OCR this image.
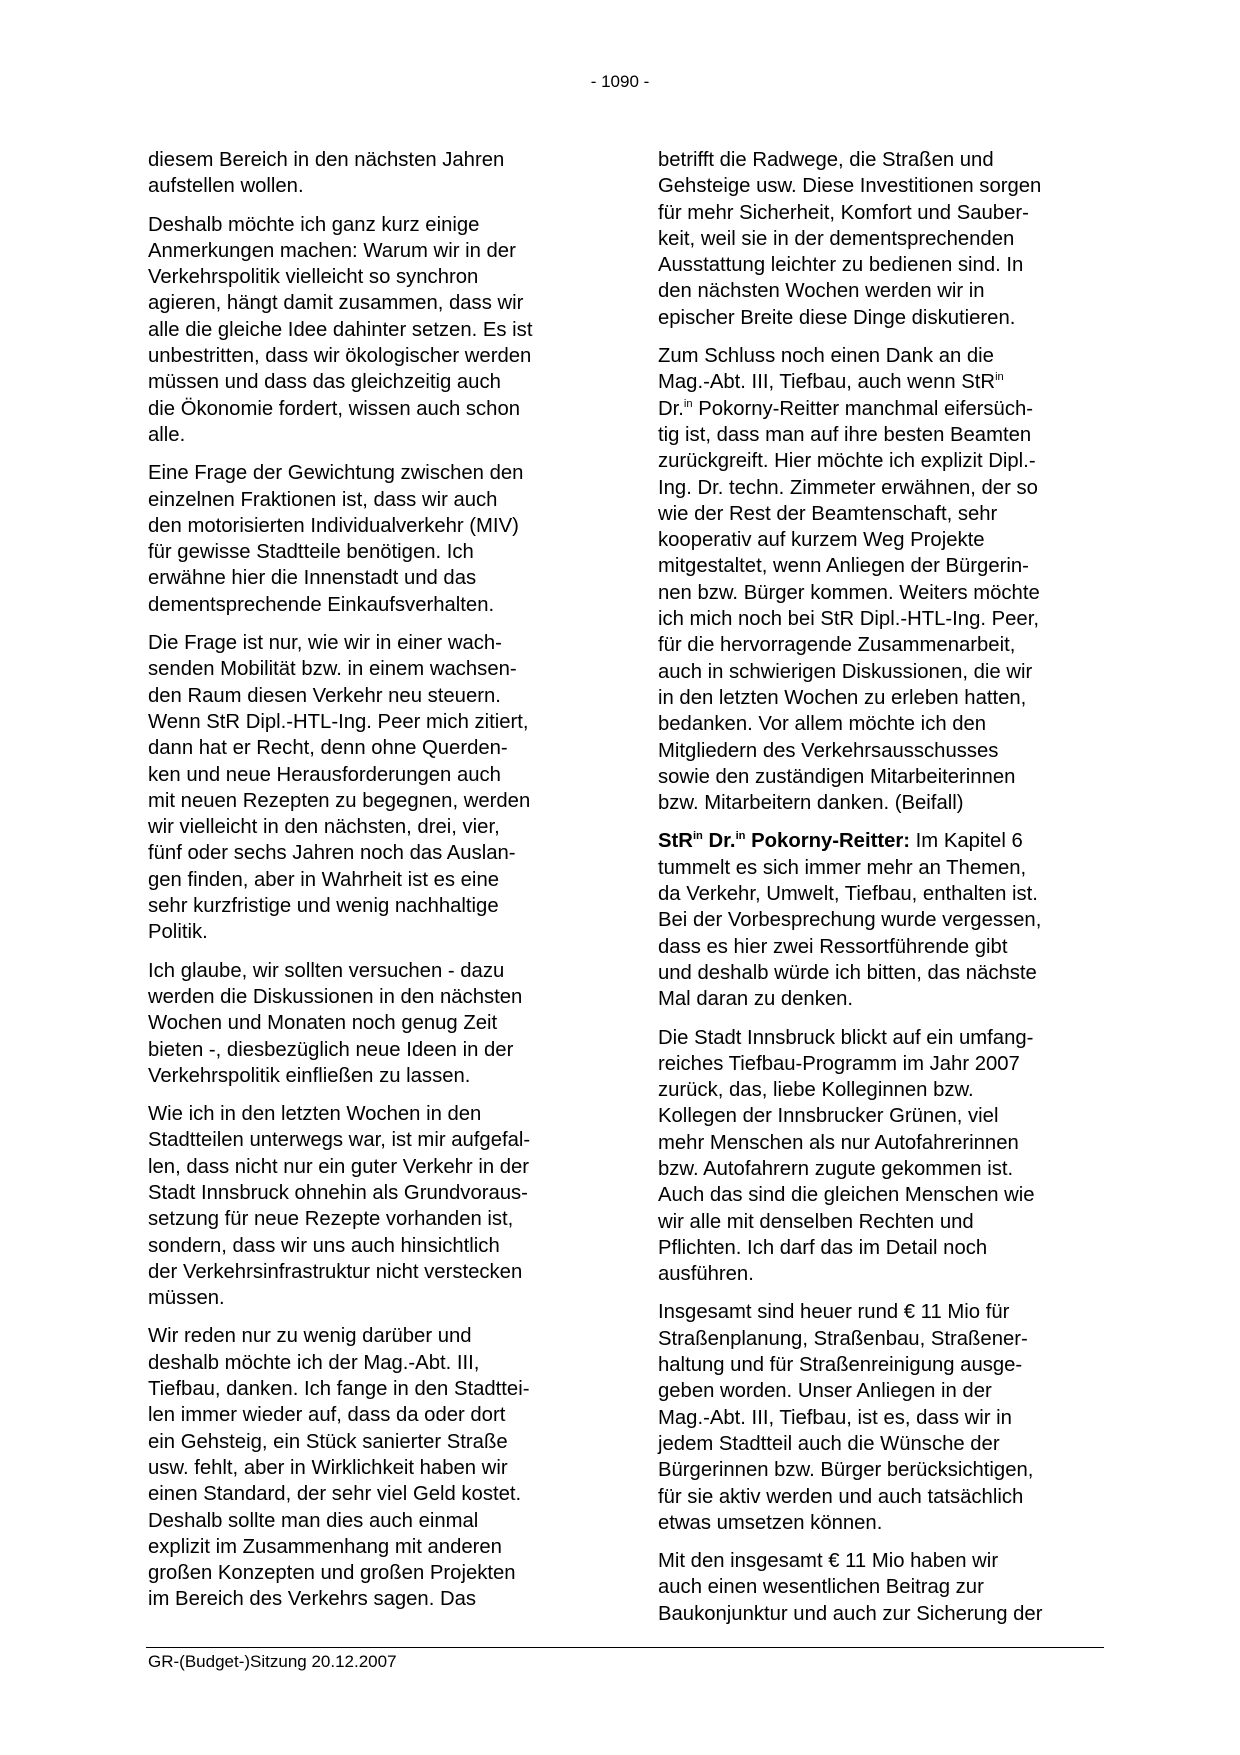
- 1090 -

diesem Bereich in den nächsten Jahren
aufstellen wollen.

Deshalb möchte ich ganz kurz einige
Anmerkungen machen: Warum wir in der
Verkehrspolitik vielleicht so synchron
agieren, hängt damit zusammen, dass wir
alle die gleiche Idee dahinter setzen. Es ist
unbestritten, dass wir ökologischer werden
müssen und dass das gleichzeitig auch
die Ökonomie fordert, wissen auch schon
alle.

Eine Frage der Gewichtung zwischen den
einzelnen Fraktionen ist, dass wir auch
den motorisierten Individualverkehr (MIV)
für gewisse Stadtteile benötigen. Ich
erwähne hier die Innenstadt und das
dementsprechende Einkaufsverhalten.

Die Frage ist nur, wie wir in einer wach-
senden Mobilität bzw. in einem wachsen-
den Raum diesen Verkehr neu steuern.
Wenn StR Dipl.-HTL-Ing. Peer mich zitiert,
dann hat er Recht, denn ohne Querden-
ken und neue Herausforderungen auch
mit neuen Rezepten zu begegnen, werden
wir vielleicht in den nächsten, drei, vier,
fünf oder sechs Jahren noch das Auslan-
gen finden, aber in Wahrheit ist es eine
sehr kurzfristige und wenig nachhaltige
Politik.

Ich glaube, wir sollten versuchen - dazu
werden die Diskussionen in den nächsten
Wochen und Monaten noch genug Zeit
bieten -, diesbezüglich neue Ideen in der
Verkehrspolitik einfließen zu lassen.

Wie ich in den letzten Wochen in den
Stadtteilen unterwegs war, ist mir aufgefal-
len, dass nicht nur ein guter Verkehr in der
Stadt Innsbruck ohnehin als Grundvoraus-
setzung für neue Rezepte vorhanden ist,
sondern, dass wir uns auch hinsichtlich
der Verkehrsinfrastruktur nicht verstecken
müssen.

Wir reden nur zu wenig darüber und
deshalb möchte ich der Mag.-Abt. III,
Tiefbau, danken. Ich fange in den Stadttei-
len immer wieder auf, dass da oder dort
ein Gehsteig, ein Stück sanierter Straße
usw. fehlt, aber in Wirklichkeit haben wir
einen Standard, der sehr viel Geld kostet.
Deshalb sollte man dies auch einmal
explizit im Zusammenhang mit anderen
großen Konzepten und großen Projekten
im Bereich des Verkehrs sagen. Das

betrifft die Radwege, die Straßen und
Gehsteige usw. Diese Investitionen sorgen
für mehr Sicherheit, Komfort und Sauber-
keit, weil sie in der dementsprechenden
Ausstattung leichter zu bedienen sind. In
den nächsten Wochen werden wir in
epischer Breite diese Dinge diskutieren.

Zum Schluss noch einen Dank an die
Mag.-Abt. III, Tiefbau, auch wenn StR$^{in}$
Dr.$^{in}$ Pokorny-Reitter manchmal eifersüch-
tig ist, dass man auf ihre besten Beamten
zurückgreift. Hier möchte ich explizit Dipl.-
Ing. Dr. techn. Zimmeter erwähnen, der so
wie der Rest der Beamtenschaft, sehr
kooperativ auf kurzem Weg Projekte
mitgestaltet, wenn Anliegen der Bürgerin-
nen bzw. Bürger kommen. Weiters möchte
ich mich noch bei StR Dipl.-HTL-Ing. Peer,
für die hervorragende Zusammenarbeit,
auch in schwierigen Diskussionen, die wir
in den letzten Wochen zu erleben hatten,
bedanken. Vor allem möchte ich den
Mitgliedern des Verkehrsausschusses
sowie den zuständigen Mitarbeiterinnen
bzw. Mitarbeitern danken. (Beifall)

StR$^{in}$ Dr.$^{in}$ Pokorny-Reitter: Im Kapitel 6
tummelt es sich immer mehr an Themen,
da Verkehr, Umwelt, Tiefbau, enthalten ist.
Bei der Vorbesprechung wurde vergessen,
dass es hier zwei Ressortführende gibt
und deshalb würde ich bitten, das nächste
Mal daran zu denken.

Die Stadt Innsbruck blickt auf ein umfang-
reiches Tiefbau-Programm im Jahr 2007
zurück, das, liebe Kolleginnen bzw.
Kollegen der Innsbrucker Grünen, viel
mehr Menschen als nur Autofahrerinnen
bzw. Autofahrern zugute gekommen ist.
Auch das sind die gleichen Menschen wie
wir alle mit denselben Rechten und
Pflichten. Ich darf das im Detail noch
ausführen.

Insgesamt sind heuer rund € 11 Mio für
Straßenplanung, Straßenbau, Straßener-
haltung und für Straßenreinigung ausge-
geben worden. Unser Anliegen in der
Mag.-Abt. III, Tiefbau, ist es, dass wir in
jedem Stadtteil auch die Wünsche der
Bürgerinnen bzw. Bürger berücksichtigen,
für sie aktiv werden und auch tatsächlich
etwas umsetzen können.

Mit den insgesamt € 11 Mio haben wir
auch einen wesentlichen Beitrag zur
Baukonjunktur und auch zur Sicherung der

GR-(Budget-)Sitzung 20.12.2007
